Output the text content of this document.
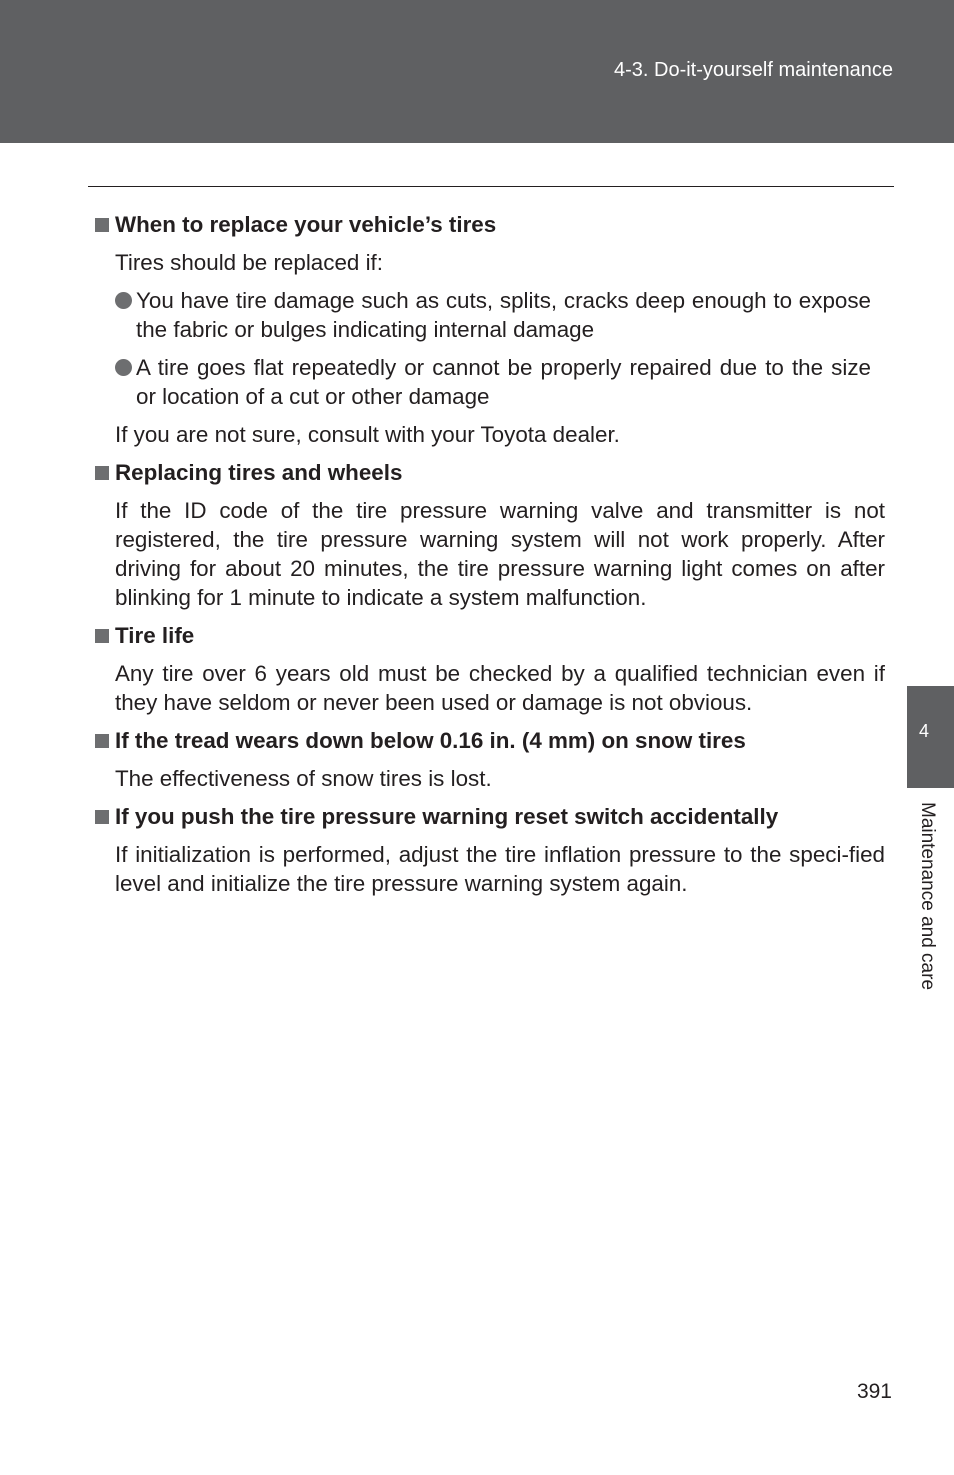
4-3. Do-it-yourself maintenance
When to replace your vehicle’s tires
Tires should be replaced if:
You have tire damage such as cuts, splits, cracks deep enough to expose the fabric or bulges indicating internal damage
A tire goes flat repeatedly or cannot be properly repaired due to the size or location of a cut or other damage
If you are not sure, consult with your Toyota dealer.
Replacing tires and wheels
If the ID code of the tire pressure warning valve and transmitter is not registered, the tire pressure warning system will not work properly. After driving for about 20 minutes, the tire pressure warning light comes on after blinking for 1 minute to indicate a system malfunction.
Tire life
Any tire over 6 years old must be checked by a qualified technician even if they have seldom or never been used or damage is not obvious.
If the tread wears down below 0.16 in. (4 mm) on snow tires
The effectiveness of snow tires is lost.
If you push the tire pressure warning reset switch accidentally
If initialization is performed, adjust the tire inflation pressure to the speci-fied level and initialize the tire pressure warning system again.
4
Maintenance and care
391
